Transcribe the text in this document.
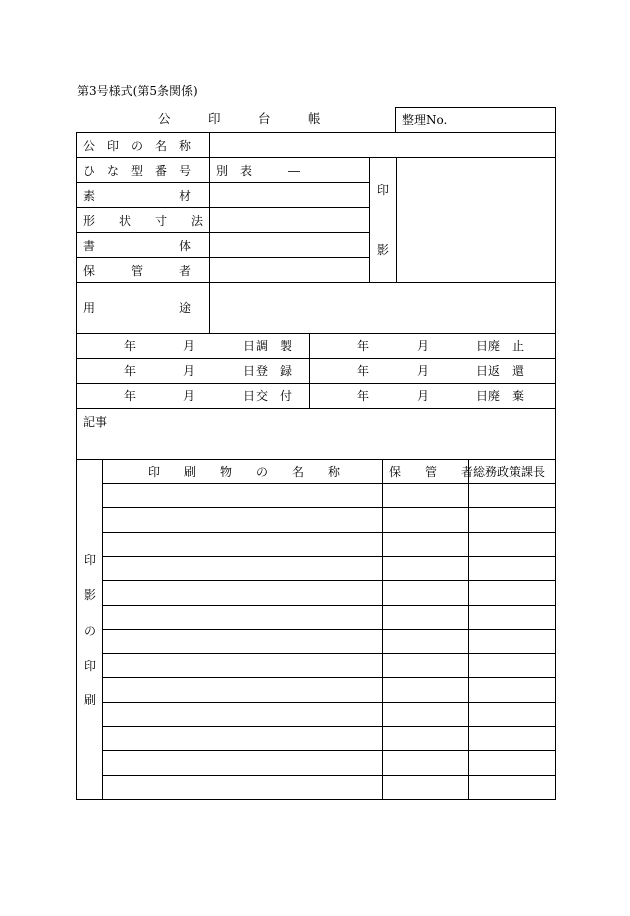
第3号様式(第5条関係)
公　　　印　　　台　　　帳	整理No.
公　印　の　名　称
ひ　な　型　番　号 別　表　　　―
素　　　　　　　材
形　　状　　寸　　法
書　　　　　　　体
保　　　管　　　者
用　　　　　　　途
印
影
年	月	日 調　製	年	月	日 廃　止
年	月	日 登　録	年	月	日 返　還
年	月	日 交　付	年	月	日 廃　棄
記事
印　　刷　　物　　の　　名　　称	保　　管　　者 総務政策課長
印
影
の
印
刷
